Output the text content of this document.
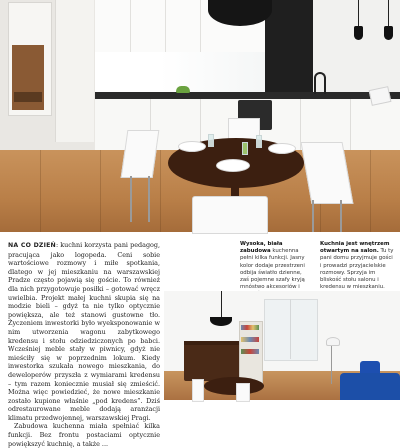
NA CO DZIEŃ: kuchni korzysta pani pedagog, pracująca jako logopeda. Ceni sobie wartościowe rozmowy i miłe spotkania, dlatego w jej mieszkaniu na warszawskiej Pradze często pojawią się goście. To również dla nich przygotowuje posiłki – gotować wręcz uwielbia. Projekt małej kuchni skupia się na modzie bieli – gdyż ta nie tylko optycznie powiększa, ale też stanowi gustowne tło. Życzeniem inwestorki było wyeksponowanie w nim utworzenia wagonu zabytkowego kredensu i stołu odziedziczonych po babci. Wcześniej meble stały w piwnicy, gdyż nie mieściły się w poprzednim lokum. Kiedy inwestorka szukała nowego mieszkania, do deweloperów przyszła z wymiarami kredensu – tym razem koniecznie musiał się zmieścić. Można więc powiedzieć, że nowe mieszkanie zostało kupione właśnie „pod kredens”. Dziś odrestaurowane meble dodają aranżacji klimatu przedwojennej, warszawskiej Pragi.

Zabudowa kuchenna miała spełniać kilka funkcji. Bez frontu postaciami optycznie powiększyć kuchnię, a także ...

Wysoka, biała zabudowa kuchenna pełni kilka funkcji. Jasny kolor dodaje przestrzeni odbija światło dzienne, zaś pojemne szafy kryją mnóstwo akcesoriów i
Kuchnia jest wnętrzem otwartym na salon. Tu ty pani domu przyjmuje gości i prowadzi przyjacielskie rozmowy. Sprzyja im bliskość stołu salonu i kredensu w mieszkaniu.
